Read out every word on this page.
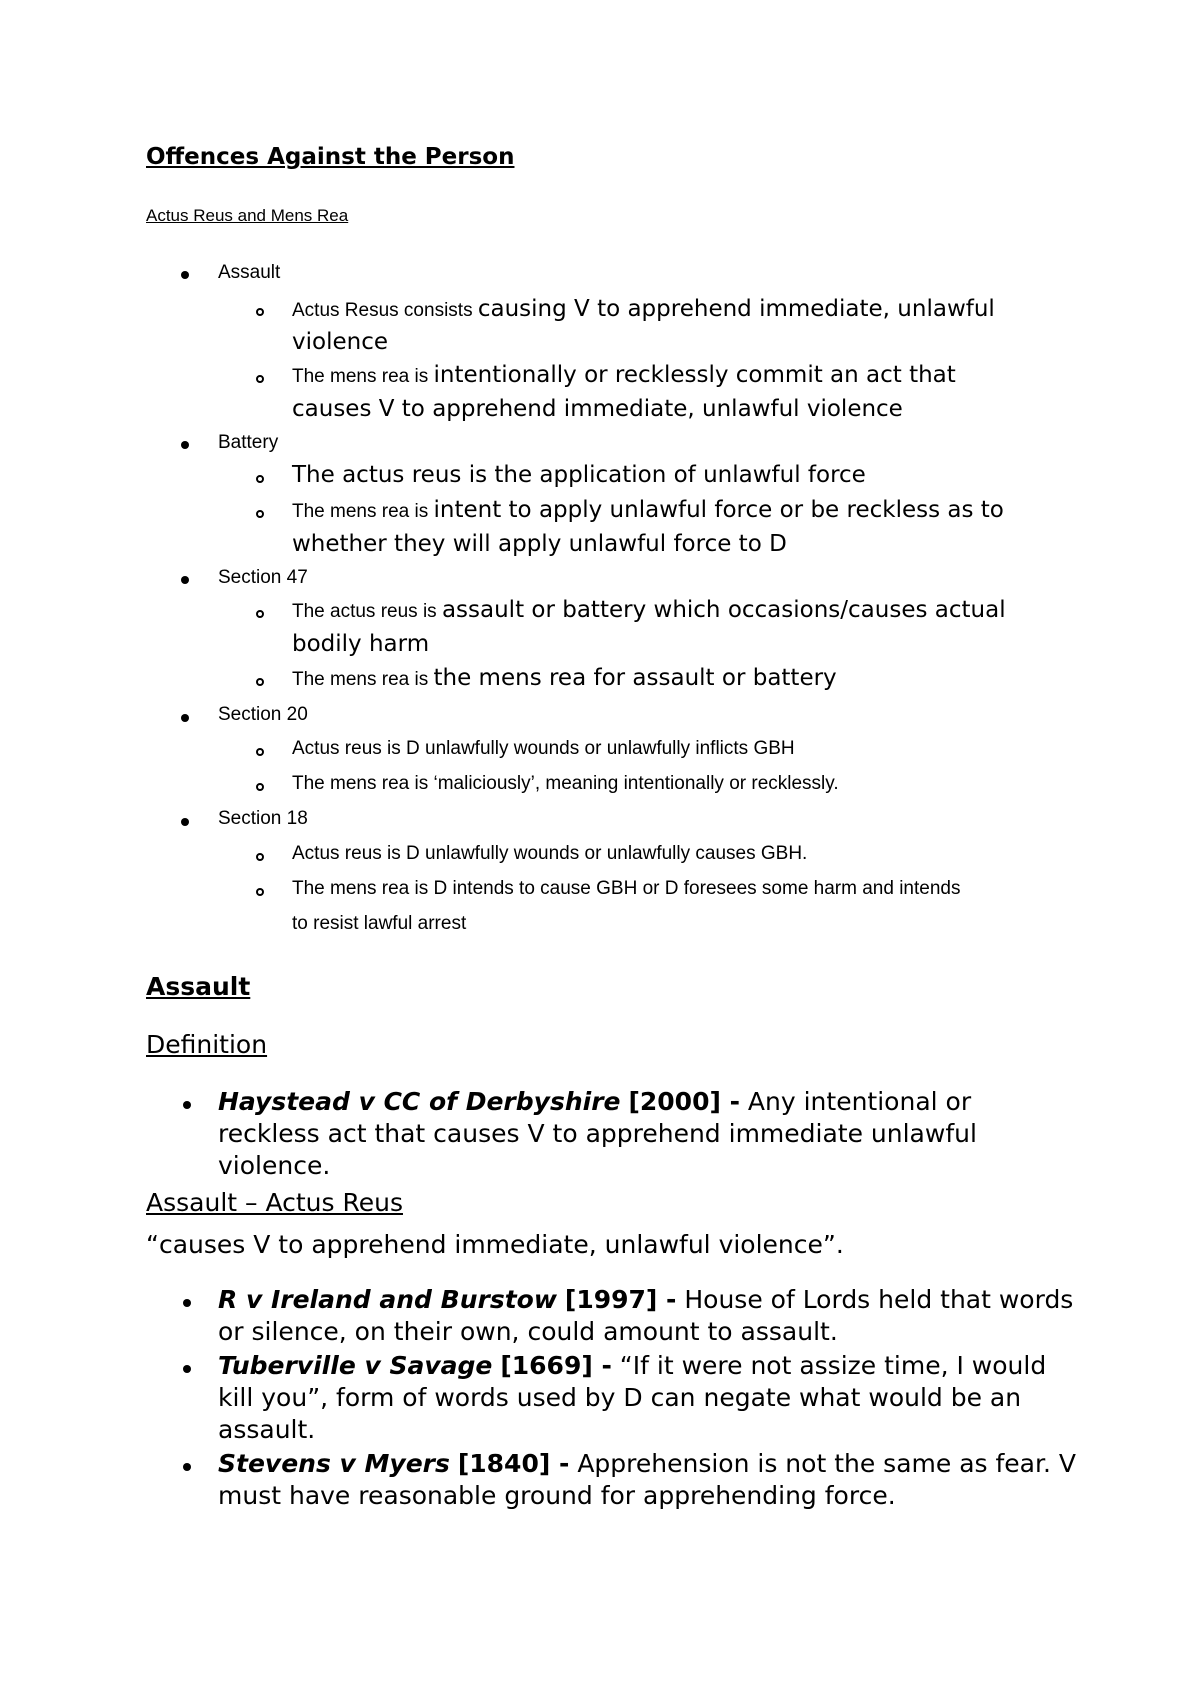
Offences Against the Person
Actus Reus and Mens Rea
Assault
Actus Resus consists causing V to apprehend immediate, unlawful
violence
The mens rea is intentionally or recklessly commit an act that
causes V to apprehend immediate, unlawful violence
Battery
The actus reus is the application of unlawful force
The mens rea is intent to apply unlawful force or be reckless as to
whether they will apply unlawful force to D
Section 47
The actus reus is assault or battery which occasions/causes actual
bodily harm
The mens rea is the mens rea for assault or battery
Section 20
Actus reus is D unlawfully wounds or unlawfully inflicts GBH
The mens rea is ‘maliciously’, meaning intentionally or recklessly.
Section 18
Actus reus is D unlawfully wounds or unlawfully causes GBH.
The mens rea is D intends to cause GBH or D foresees some harm and intends
to resist lawful arrest
Assault
Definition
Haystead v CC of Derbyshire [2000] - Any intentional or reckless act that causes V to apprehend immediate unlawful violence.
Assault – Actus Reus
“causes V to apprehend immediate, unlawful violence”.
R v Ireland and Burstow [1997] - House of Lords held that words or silence, on their own, could amount to assault.
Tuberville v Savage [1669] - “If it were not assize time, I would kill you”, form of words used by D can negate what would be an assault.
Stevens v Myers [1840] - Apprehension is not the same as fear. V must have reasonable ground for apprehending force.
